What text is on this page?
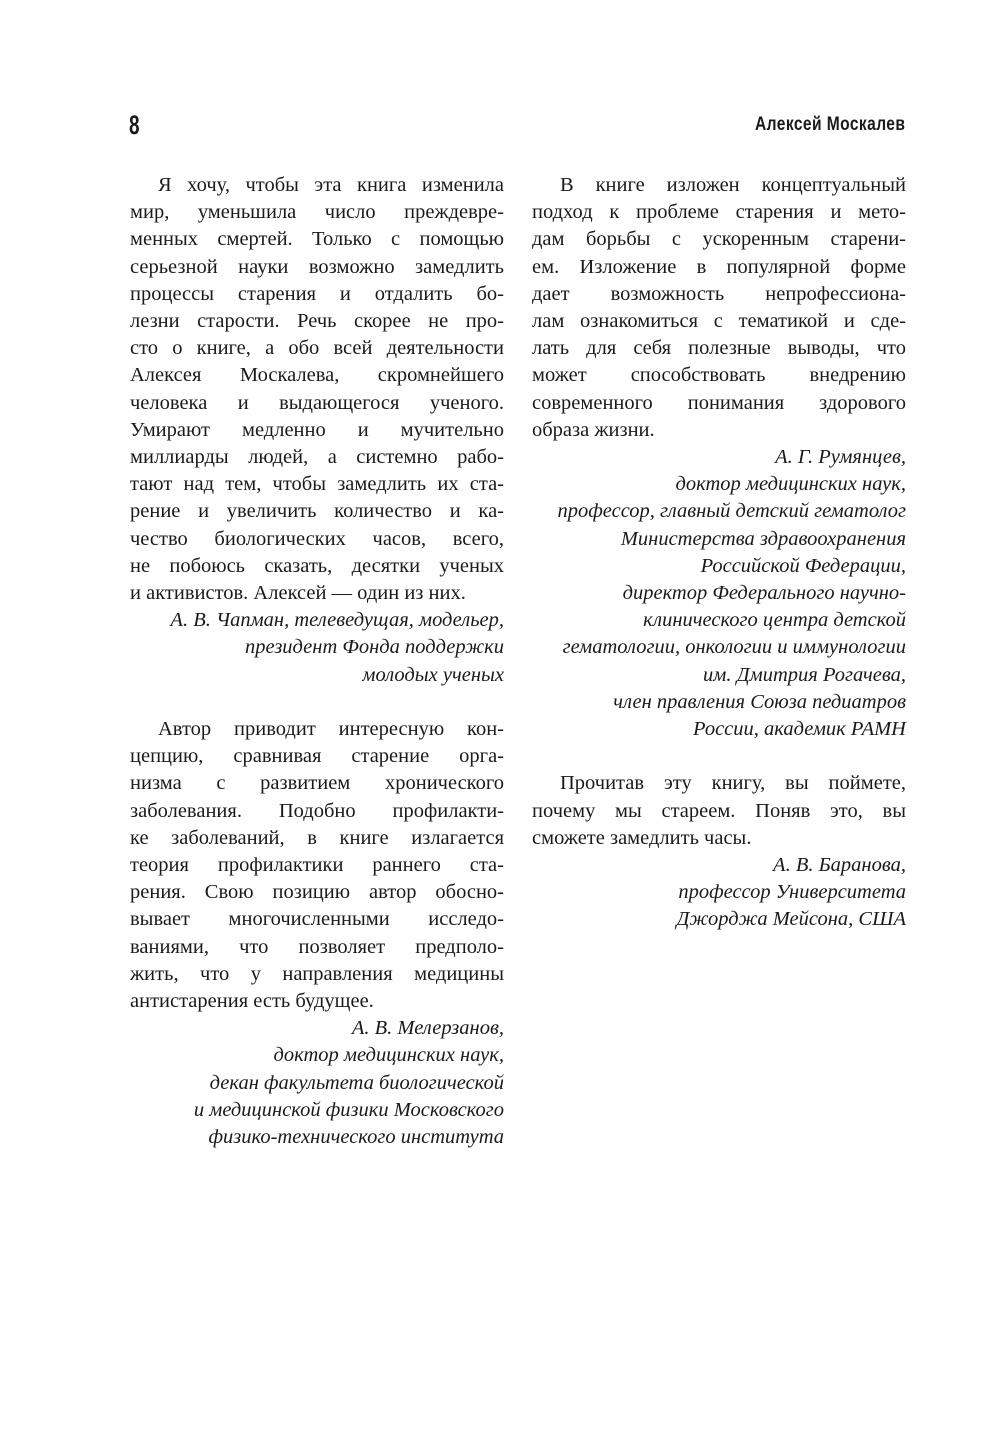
8	Алексей Москалев
Я хочу, чтобы эта книга изменила
мир, уменьшила число преждевре-
менных смертей. Только с помощью
серьезной науки возможно замедлить
процессы старения и отдалить бо-
лезни старости. Речь скорее не про-
сто о книге, а обо всей деятельности
Алексея Москалева, скромнейшего
человека и выдающегося ученого.
Умирают медленно и мучительно
миллиарды людей, а системно рабо-
тают над тем, чтобы замедлить их ста-
рение и увеличить количество и ка-
чество биологических часов, всего,
не побоюсь сказать, десятки ученых
и активистов. Алексей — один из них.
А. В. Чапман, телеведущая, модельер,
президент Фонда поддержки
молодых ученых
Автор приводит интересную кон-
цепцию, сравнивая старение орга-
низма с развитием хронического
заболевания. Подобно профилакти-
ке заболеваний, в книге излагается
теория профилактики раннего ста-
рения. Свою позицию автор обосно-
вывает многочисленными исследо-
ваниями, что позволяет предполо-
жить, что у направления медицины
антистарения есть будущее.
А. В. Мелерзанов,
доктор медицинских наук,
декан факультета биологической
и медицинской физики Московского
физико-технического института
В книге изложен концептуальный
подход к проблеме старения и мето-
дам борьбы с ускоренным старени-
ем. Изложение в популярной форме
дает возможность непрофессиона-
лам ознакомиться с тематикой и сде-
лать для себя полезные выводы, что
может способствовать внедрению
современного понимания здорового
образа жизни.
А. Г. Румянцев,
доктор медицинских наук,
профессор, главный детский гематолог
Министерства здравоохранения
Российской Федерации,
директор Федерального научно-
клинического центра детской
гематологии, онкологии и иммунологии
им. Дмитрия Рогачева,
член правления Союза педиатров
России, академик РАМН
Прочитав эту книгу, вы поймете,
почему мы стареем. Поняв это, вы
сможете замедлить часы.
А. В. Баранова,
профессор Университета
Джорджа Мейсона, США
